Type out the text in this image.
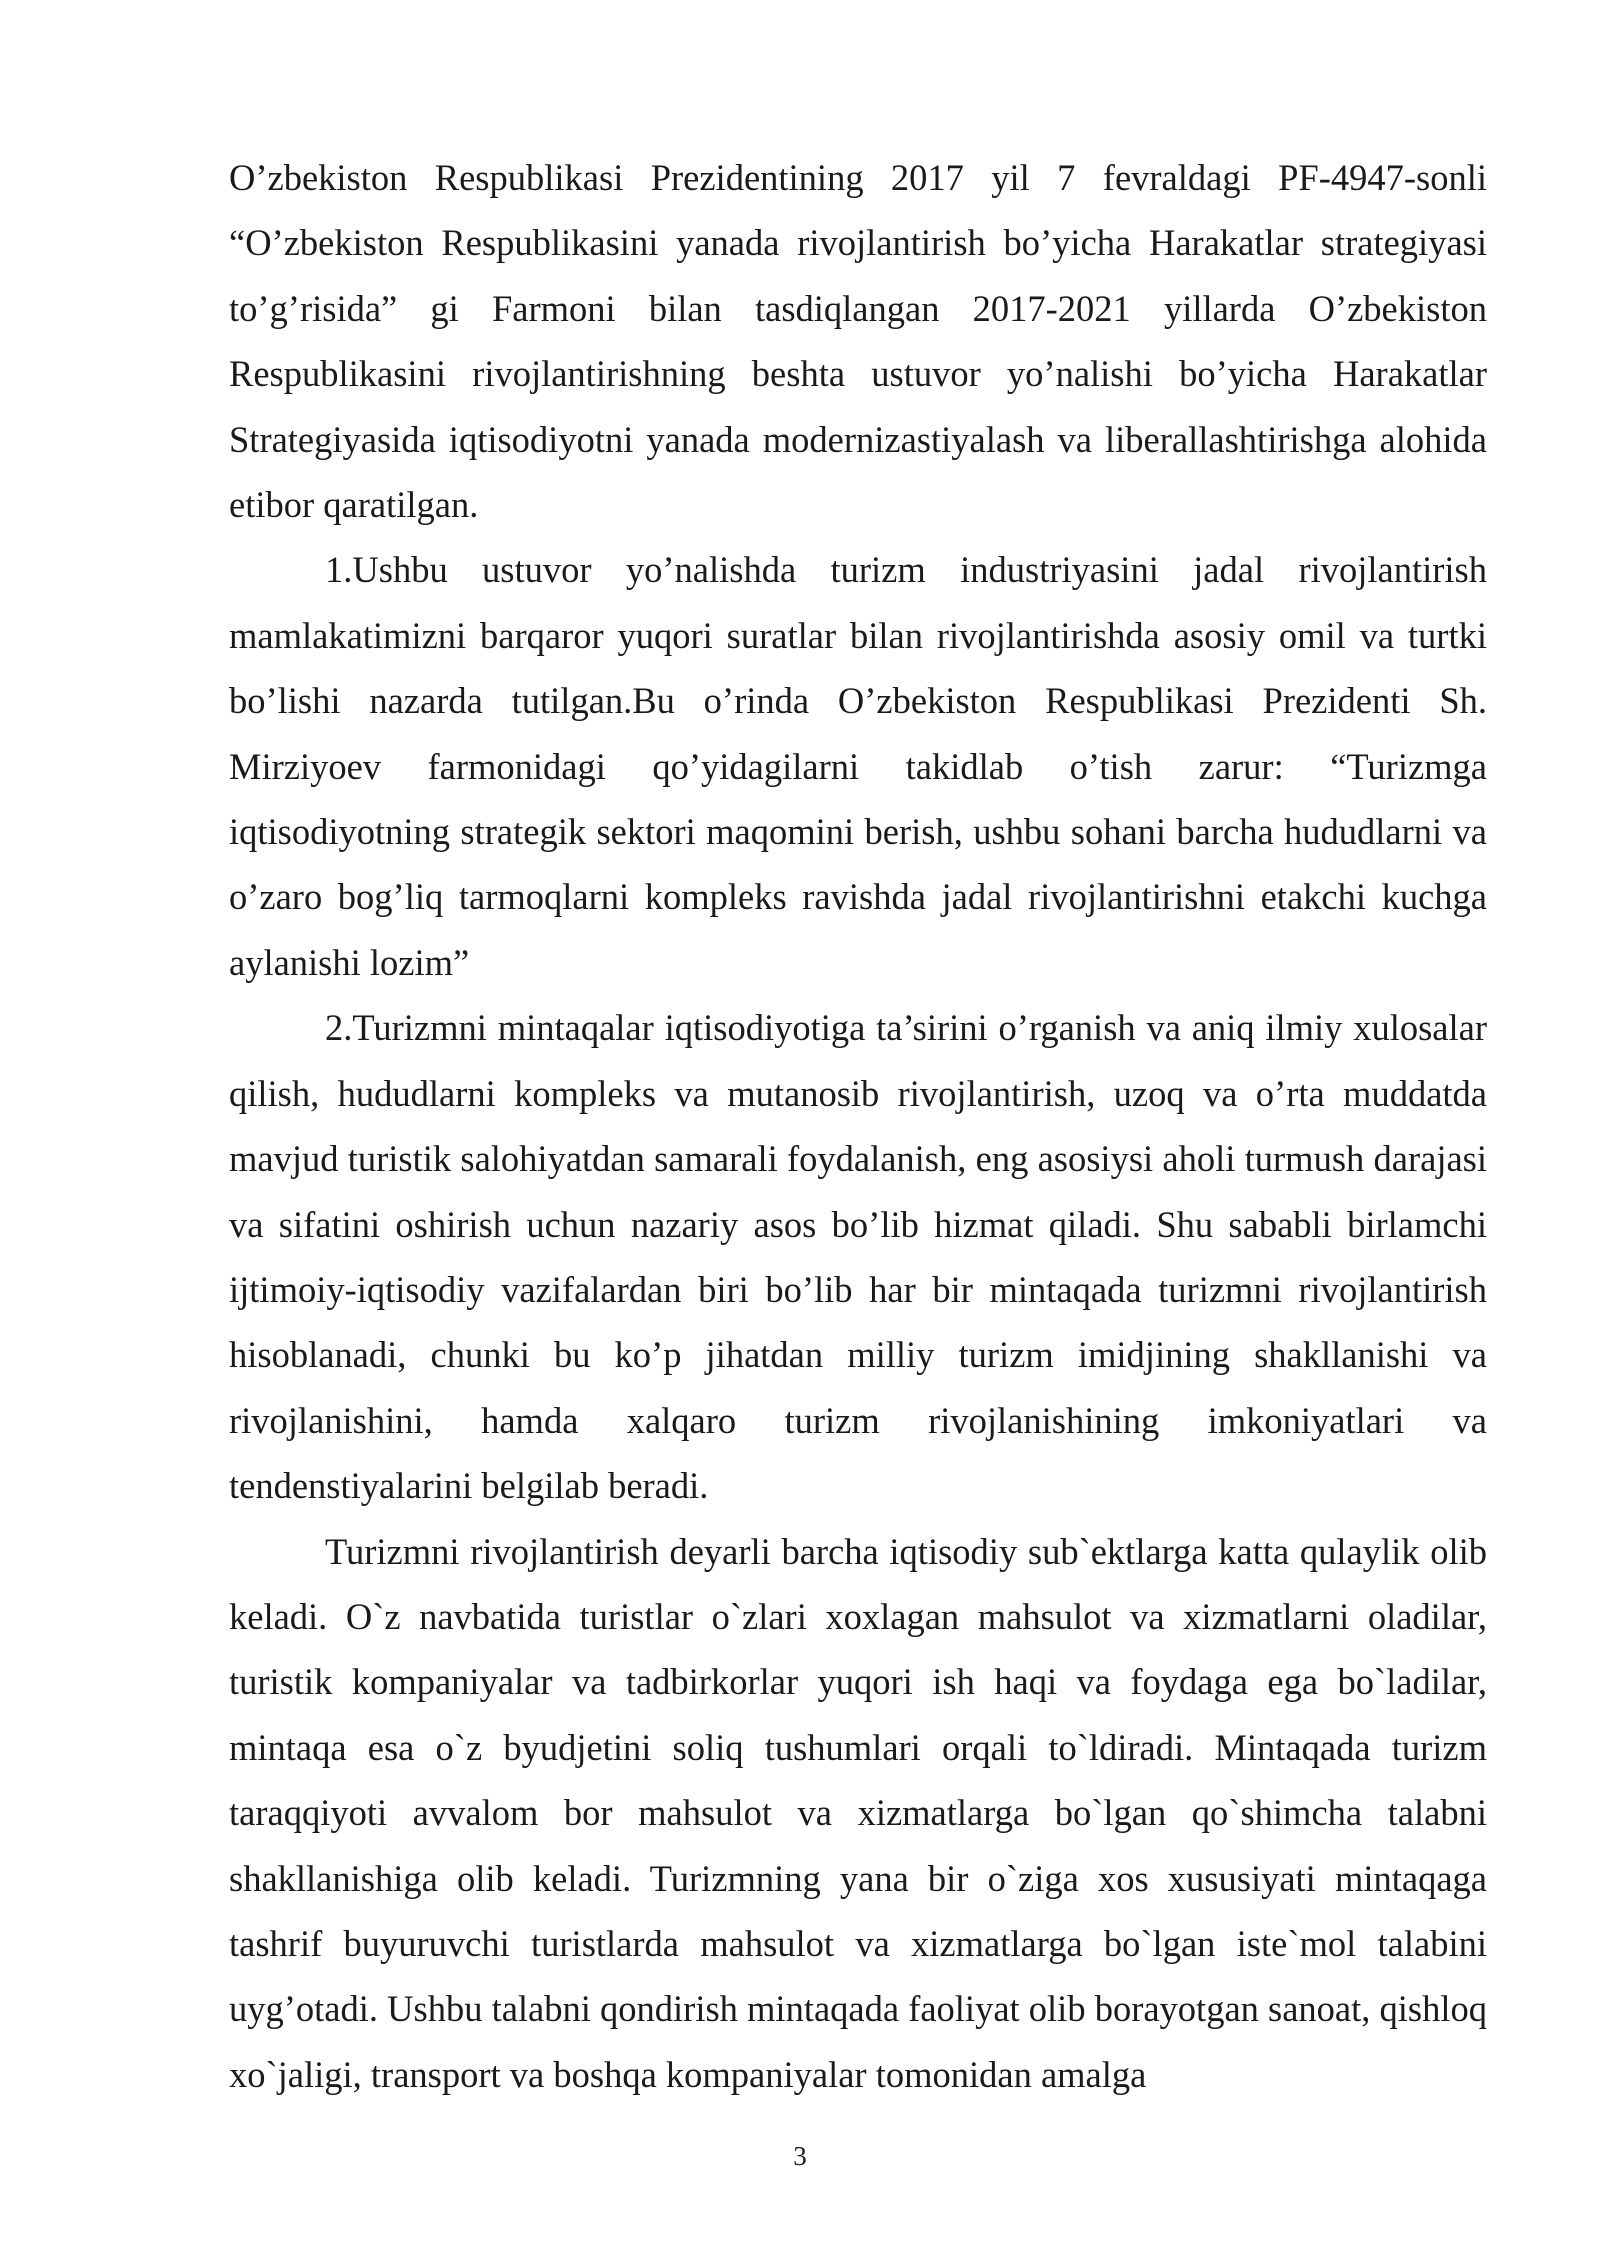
O’zbekiston Respublikasi Prezidentining 2017 yil 7 fevraldagi PF-4947-sonli “O’zbekiston Respublikasini yanada rivojlantirish bo’yicha Harakatlar strategiyasi to’g’risida” gi Farmoni bilan tasdiqlangan 2017-2021 yillarda O’zbekiston Respublikasini rivojlantirishning beshta ustuvor yo’nalishi bo’yicha Harakatlar Strategiyasida iqtisodiyotni yanada modernizastiyalash va liberallashtirishga alohida etibor qaratilgan.

1.Ushbu ustuvor yo’nalishda turizm industriyasini jadal rivojlantirish mamlakatimizni barqaror yuqori suratlar bilan rivojlantirishda asosiy omil va turtki bo’lishi nazarda tutilgan.Bu o’rinda O’zbekiston Respublikasi Prezidenti Sh. Mirziyoev farmonidagi qo’yidagilarni takidlab o’tish zarur: “Turizmga iqtisodiyotning strategik sektori maqomini berish, ushbu sohani barcha hududlarni va o’zaro bog’liq tarmoqlarni kompleks ravishda jadal rivojlantirishni etakchi kuchga aylanishi lozim”

2.Turizmni mintaqalar iqtisodiyotiga ta’sirini o’rganish va aniq ilmiy xulosalar qilish, hududlarni kompleks va mutanosib rivojlantirish, uzoq va o’rta muddatda mavjud turistik salohiyatdan samarali foydalanish, eng asosiysi aholi turmush darajasi va sifatini oshirish uchun nazariy asos bo’lib hizmat qiladi. Shu sababli birlamchi ijtimoiy-iqtisodiy vazifalardan biri bo’lib har bir mintaqada turizmni rivojlantirish hisoblanadi, chunki bu ko’p jihatdan milliy turizm imidjining shakllanishi va rivojlanishini, hamda xalqaro turizm rivojlanishining imkoniyatlari va tendenstiyalarini belgilab beradi.

Turizmni rivojlantirish deyarli barcha iqtisodiy sub`ektlarga katta qulaylik olib keladi. O`z navbatida turistlar o`zlari xoxlagan mahsulot va xizmatlarni oladilar, turistik kompaniyalar va tadbirkorlar yuqori ish haqi va foydaga ega bo`ladilar, mintaqa esa o`z byudjetini soliq tushumlari orqali to`ldiradi. Mintaqada turizm taraqqiyoti avvalom bor mahsulot va xizmatlarga bo`lgan qo`shimcha talabni shakllanishiga olib keladi. Turizmning yana bir o`ziga xos xususiyati mintaqaga tashrif buyuruvchi turistlarda mahsulot va xizmatlarga bo`lgan iste`mol talabini uyg’otadi. Ushbu talabni qondirish mintaqada faoliyat olib borayotgan sanoat, qishloq xo`jaligi, transport va boshqa kompaniyalar tomonidan amalga

3
